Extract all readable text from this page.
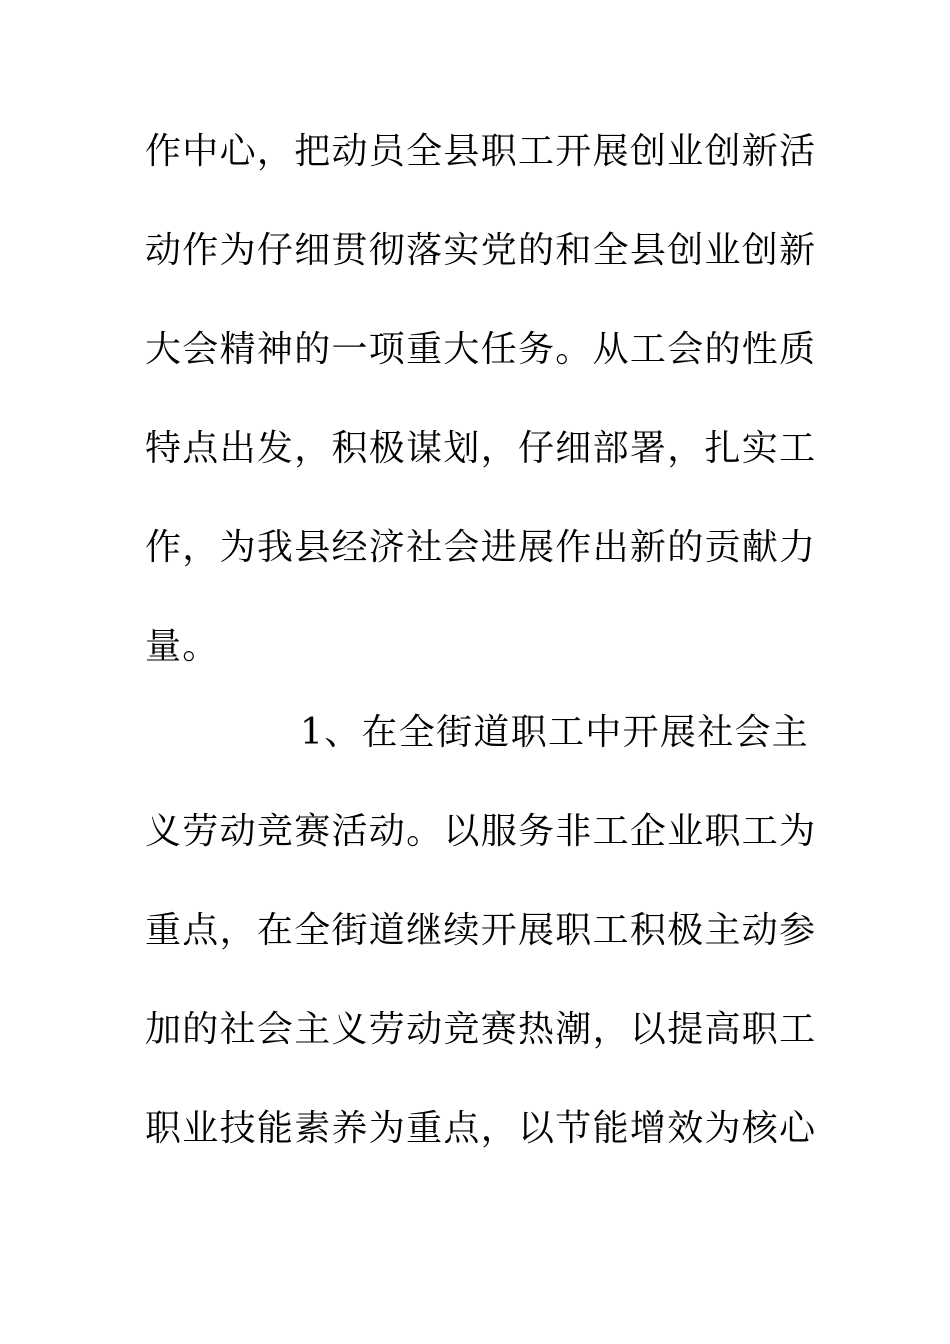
作中心，把动员全县职工开展创业创新活
动作为仔细贯彻落实党的和全县创业创新
大会精神的一项重大任务。从工会的性质
特点出发，积极谋划，仔细部署，扎实工
作，为我县经济社会进展作出新的贡献力
量。
1、在全街道职工中开展社会主
义劳动竞赛活动。以服务非工企业职工为
重点，在全街道继续开展职工积极主动参
加的社会主义劳动竞赛热潮，以提高职工
职业技能素养为重点，以节能增效为核心
